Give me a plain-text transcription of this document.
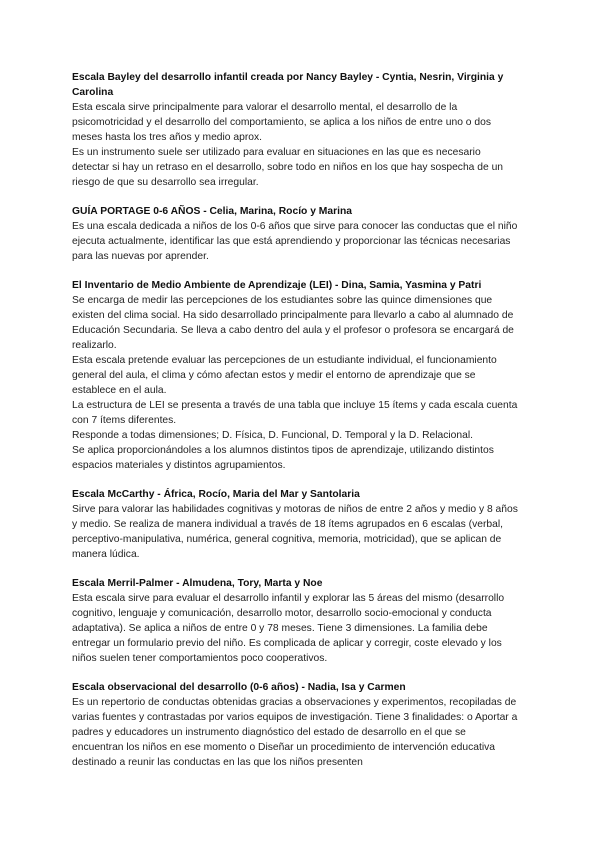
Escala Bayley del desarrollo infantil creada por Nancy Bayley - Cyntia, Nesrin, Virginia y Carolina

Esta escala sirve principalmente para valorar el desarrollo mental, el desarrollo de la psicomotricidad y el desarrollo del comportamiento, se aplica a los niños de entre uno o dos meses hasta los tres años y medio aprox.

Es un instrumento suele ser utilizado para evaluar en situaciones en las que es necesario detectar si hay un retraso en el desarrollo, sobre todo en niños en los que hay sospecha de un riesgo de que su desarrollo sea irregular.

GUÍA PORTAGE 0-6 AÑOS - Celia, Marina, Rocío y Marina

Es una escala dedicada a niños de los 0-6 años que sirve para conocer las conductas que el niño ejecuta actualmente, identificar las que está aprendiendo y proporcionar las técnicas necesarias para las nuevas por aprender.

El Inventario de Medio Ambiente de Aprendizaje (LEI) - Dina, Samia, Yasmina y Patri

Se encarga de medir las percepciones de los estudiantes sobre las quince dimensiones que existen del clima social. Ha sido desarrollado principalmente para llevarlo a cabo al alumnado de Educación Secundaria. Se lleva a cabo dentro del aula y el profesor o profesora se encargará de realizarlo.

Esta escala pretende evaluar las percepciones de un estudiante individual, el funcionamiento general del aula, el clima y cómo afectan estos y medir el entorno de aprendizaje que se establece en el aula.

La estructura de LEI se presenta a través de una tabla que incluye 15 ítems y cada escala cuenta con 7 ítems diferentes.

Responde a todas dimensiones; D. Física, D. Funcional, D. Temporal y la D. Relacional.

Se aplica proporcionándoles a los alumnos distintos tipos de aprendizaje, utilizando distintos espacios materiales y distintos agrupamientos.

Escala McCarthy - África, Rocío, Maria del Mar y Santolaria

Sirve para valorar las habilidades cognitivas y motoras de niños de entre 2 años y medio y 8 años y medio. Se realiza de manera individual a través de 18 ítems agrupados en 6 escalas (verbal, perceptivo-manipulativa, numérica, general cognitiva, memoria, motricidad), que se aplican de manera lúdica.

Escala Merril-Palmer - Almudena, Tory, Marta y Noe

Esta escala sirve para evaluar el desarrollo infantil y explorar las 5 áreas del mismo (desarrollo cognitivo, lenguaje y comunicación, desarrollo motor, desarrollo socio-emocional y conducta adaptativa). Se aplica a niños de entre 0 y 78 meses. Tiene 3 dimensiones. La familia debe entregar un formulario previo del niño. Es complicada de aplicar y corregir, coste elevado y los niños suelen tener comportamientos poco cooperativos.

Escala observacional del desarrollo (0-6 años) - Nadia, Isa y Carmen

Es un repertorio de conductas obtenidas gracias a observaciones y experimentos, recopiladas de varias fuentes y contrastadas por varios equipos de investigación. Tiene 3 finalidades: o Aportar a padres y educadores un instrumento diagnóstico del estado de desarrollo en el que se encuentran los niños en ese momento o Diseñar un procedimiento de intervención educativa destinado a reunir las conductas en las que los niños presenten
